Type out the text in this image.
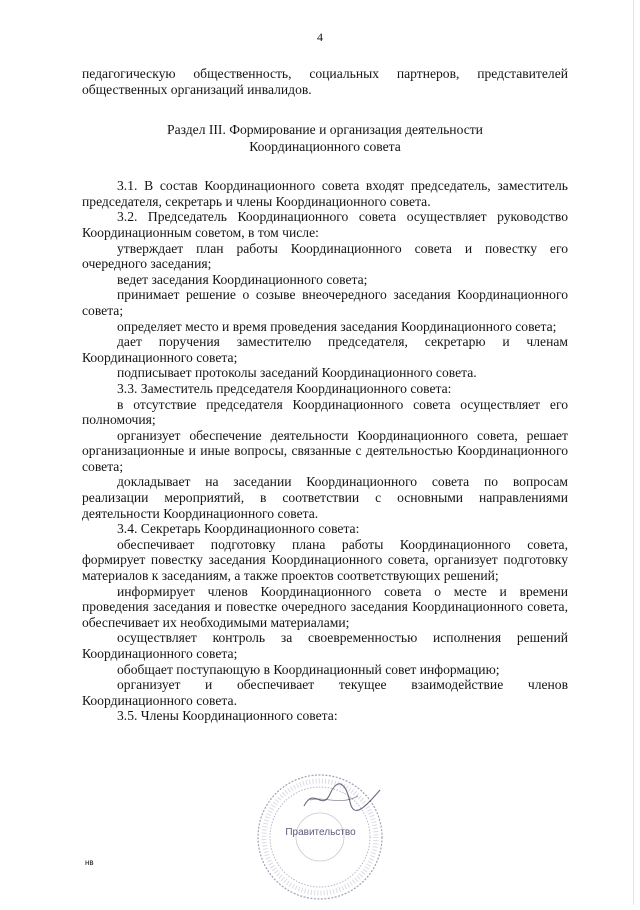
4

педагогическую общественность, социальных партнеров, представителей общественных организаций инвалидов.

Раздел III. Формирование и организация деятельности
Координационного совета

3.1. В состав Координационного совета входят председатель, заместитель председателя, секретарь и члены Координационного совета.

3.2. Председатель Координационного совета осуществляет руководство Координационным советом, в том числе:

утверждает план работы Координационного совета и повестку его очередного заседания;

ведет заседания Координационного совета;

принимает решение о созыве внеочередного заседания Координационного совета;

определяет место и время проведения заседания Координационного совета;

дает поручения заместителю председателя, секретарю и членам Координационного совета;

подписывает протоколы заседаний Координационного совета.

3.3. Заместитель председателя Координационного совета:

в отсутствие председателя Координационного совета осуществляет его полномочия;

организует обеспечение деятельности Координационного совета, решает организационные и иные вопросы, связанные с деятельностью Координационного совета;

докладывает на заседании Координационного совета по вопросам реализации мероприятий, в соответствии с основными направлениями деятельности Координационного совета.

3.4. Секретарь Координационного совета:

обеспечивает подготовку плана работы Координационного совета, формирует повестку заседания Координационного совета, организует подготовку материалов к заседаниям, а также проектов соответствующих решений;

информирует членов Координационного совета о месте и времени проведения заседания и повестке очередного заседания Координационного совета, обеспечивает их необходимыми материалами;

осуществляет контроль за своевременностью исполнения решений Координационного совета;

обобщает поступающую в Координационный совет информацию;

организует и обеспечивает текущее взаимодействие членов Координационного совета.

3.5. Члены Координационного совета:

Правительство
нв
